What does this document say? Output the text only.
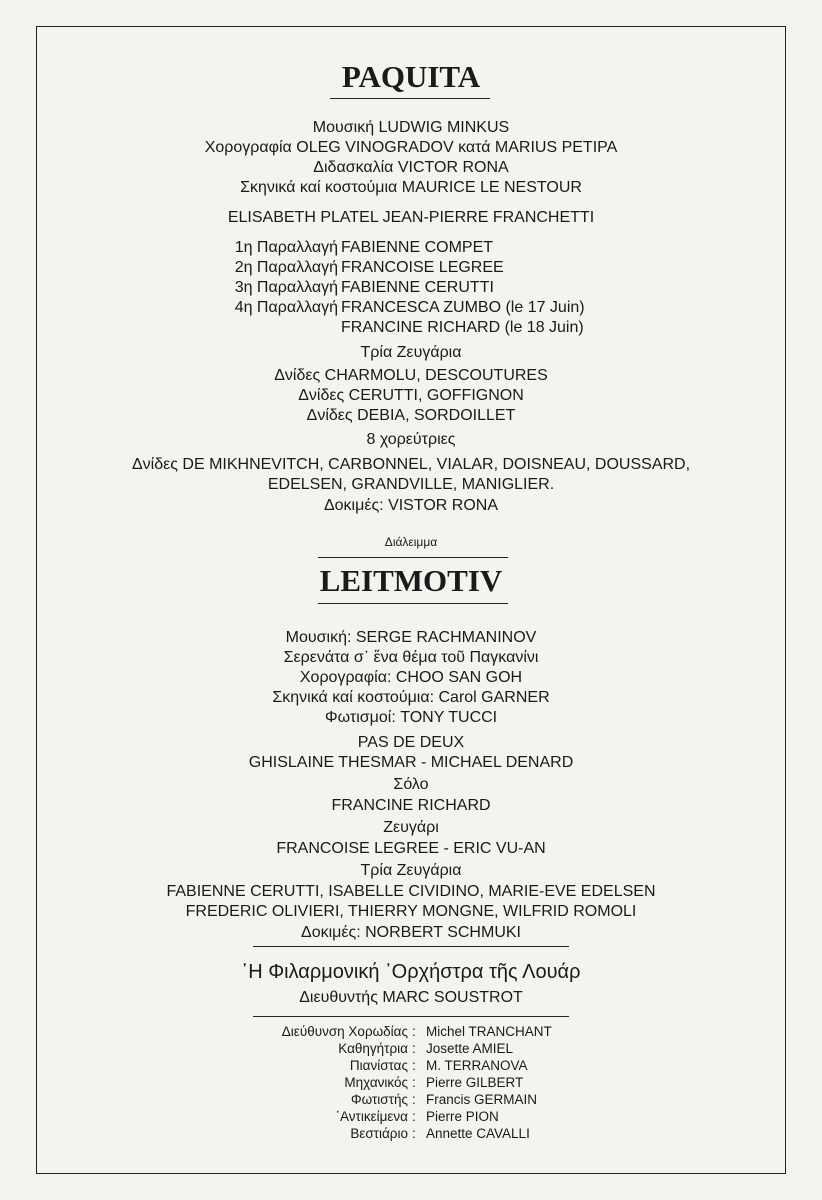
PAQUITA
Μουσική LUDWIG MINKUS
Χορογραφία OLEG VINOGRADOV κατά MARIUS PETIPA
Διδασκαλία VICTOR RONA
Σκηνικά καί κοστούμια MAURICE LE NESTOUR
ELISABETH PLATEL JEAN-PIERRE FRANCHETTI
1η Παραλλαγή FABIENNE COMPET
2η Παραλλαγή FRANCOISE LEGREE
3η Παραλλαγή FABIENNE CERUTTI
4η Παραλλαγή FRANCESCA ZUMBO (le 17 Juin)
FRANCINE RICHARD (le 18 Juin)
Τρία Ζευγάρια
Δνίδες CHARMOLU, DESCOUTURES
Δνίδες CERUTTI, GOFFIGNON
Δνίδες DEBIA, SORDOILLET
8 χορεύτριες
Δνίδες DE MIKHNEVITCH, CARBONNEL, VIALAR, DOISNEAU, DOUSSARD,
EDELSEN, GRANDVILLE, MANIGLIER.
Δοκιμές: VISTOR RONA
Διάλειμμα
LEITMOTIV
Μουσική: SERGE RACHMANINOV
Σερενάτα σ᾿ ἕνα θέμα τοῦ Παγκανίνι
Χορογραφία: CHOO SAN GOH
Σκηνικά καί κοστούμια: Carol GARNER
Φωτισμοί: TONY TUCCI
PAS DE DEUX
GHISLAINE THESMAR - MICHAEL DENARD
Σόλο
FRANCINE RICHARD
Ζευγάρι
FRANCOISE LEGREE - ERIC VU-AN
Τρία Ζευγάρια
FABIENNE CERUTTI, ISABELLE CIVIDINO, MARIE-EVE EDELSEN
FREDERIC OLIVIERI, THIERRY MONGNE, WILFRID ROMOLI
Δοκιμές: NORBERT SCHMUKI
῾Η Φιλαρμονική ᾿Ορχήστρα τῆς Λουάρ
Διευθυντής MARC SOUSTROT
Διεύθυνση Χορωδίας : Michel TRANCHANT
Καθηγήτρια : Josette AMIEL
Πιανίστας : M. TERRANOVA
Μηχανικός : Pierre GILBERT
Φωτιστής : Francis GERMAIN
᾿Αντικείμενα : Pierre PION
Βεστιάριο : Annette CAVALLI
